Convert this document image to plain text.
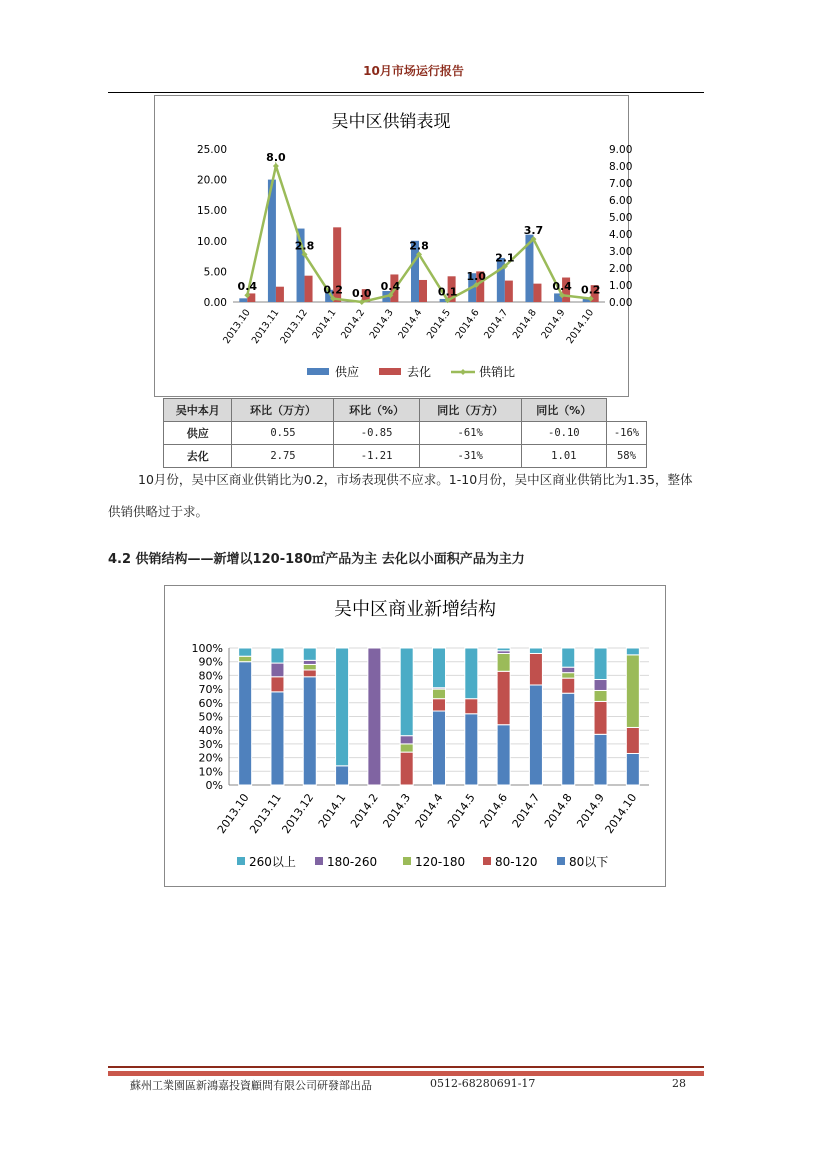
10月市场运行报告
吴中区供销表现
0.00
5.00
10.00
15.00
20.00
25.00
0.00
1.00
2.00
3.00
4.00
5.00
6.00
7.00
8.00
9.00
2013.10
2013.11
2013.12 2014.1 2014.2 2014.3 2014.4 2014.5 2014.6 2014.7 2014.8 2014.9
2014.10
0.4
8.0
2.8
0.2 0.0
0.4
2.8
0.1
1.0
2.1
3.7
0.4 0.2
供应	去化	供销比
吴中本月	环比（万方）	环比（%）	同比（万方）	同比（%）	
供应	0.55	-0.85	-61%	-0.10	-16%
去化	2.75	-1.21	-31%	1.01	58%

10月份，吴中区商业供销比为0.2，市场表现供不应求。1-10月份，吴中区商业供销比为1.35，整体供销供略过于求。

4.2 供销结构——新增以120-180㎡产品为主 去化以小面积产品为主力
吴中区商业新增结构
0%
10%
20%
30%
40%
50%
60%
70%
80%
90%
100%
2013.10
2013.11
2013.12 2014.1 2014.2 2014.3 2014.4 2014.5 2014.6 2014.7 2014.8 2014.9
2014.10
260以上	180-260	120-180 80-120	80以下
蘇州工業園區新鴻嘉投資顧問有限公司研發部出品	0512-68280691-17	28
